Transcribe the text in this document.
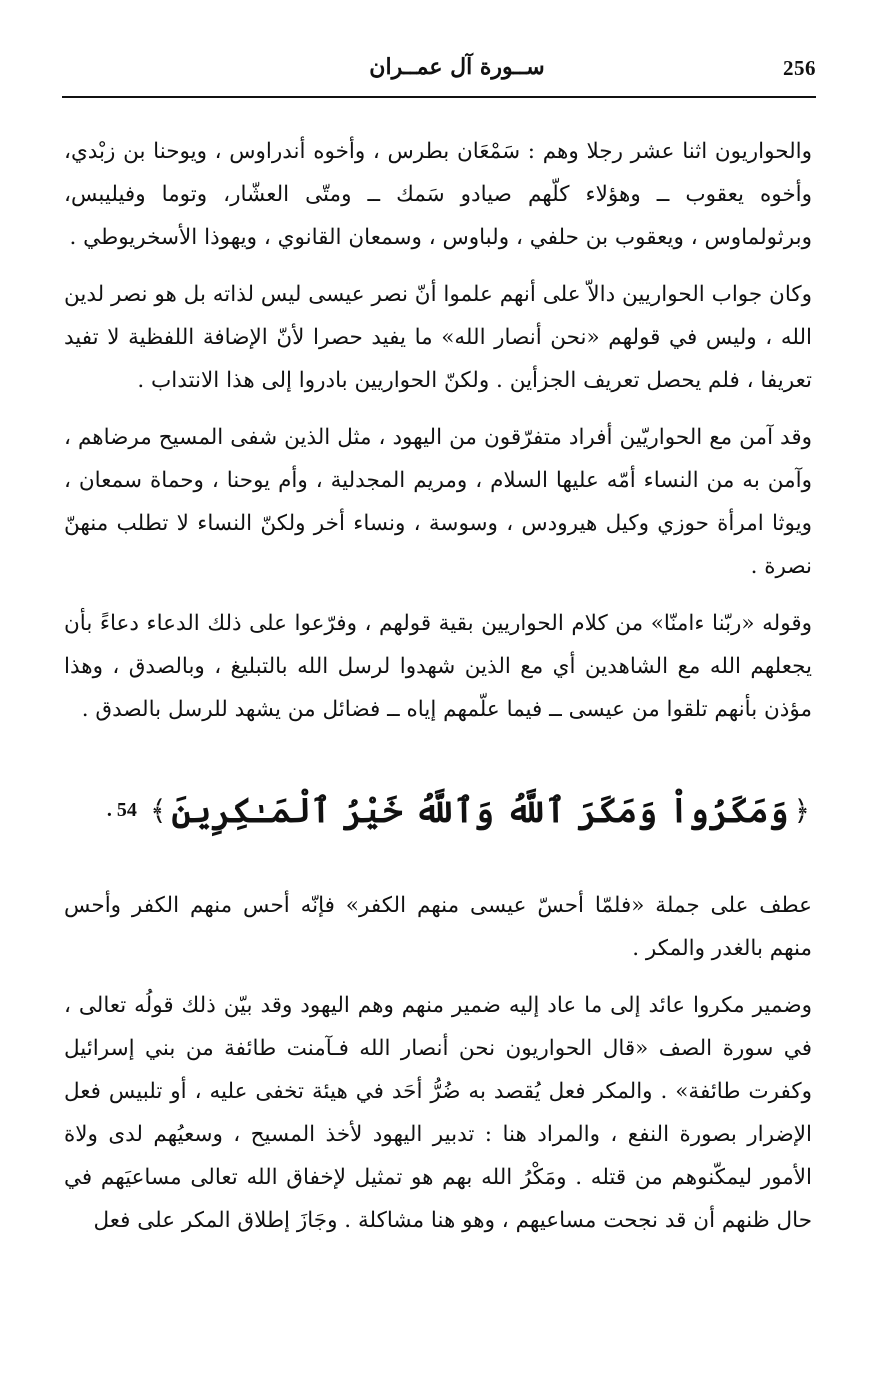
256
ســورة آل عمــران

والحواريون اثنا عشر رجلا وهم : سَمْعَان بطرس ، وأخوه أندراوس ، ويوحنا بن زبْدي، وأخوه يعقوب ــ وهؤلاء كلّهم صيادو سَمك ــ ومتّى العشّار، وتوما وفيليبس، وبرثولماوس ، ويعقوب بن حلفي ، ولباوس ، وسمعان القانوي ، ويهوذا الأسخريوطي .

وكان جواب الحواريين دالاّ على أنهم علموا أنّ نصر عيسى ليس لذاته بل هو نصر لدين الله ، وليس في قولهم «نحن أنصار الله» ما يفيد حصرا لأنّ الإضافة اللفظية لا تفيد تعريفا ، فلم يحصل تعريف الجزأين . ولكنّ الحواريين بادروا إلى هذا الانتداب .

وقد آمن مع الحواريّين أفراد متفرّقون من اليهود ، مثل الذين شفى المسيح مرضاهم ، وآمن به من النساء أمّه عليها السلام ، ومريم المجدلية ، وأم يوحنا ، وحماة سمعان ، ويوثا امرأة حوزي وكيل هيرودس ، وسوسة ، ونساء أخر ولكنّ النساء لا تطلب منهنّ نصرة .

وقوله «ربّنا ءامنّا» من كلام الحواريين بقية قولهم ، وفرّعوا على ذلك الدعاء دعاءً بأن يجعلهم الله مع الشاهدين أي مع الذين شهدوا لرسل الله بالتبليغ ، وبالصدق ، وهذا مؤذن بأنهم تلقوا من عيسى ــ فيما علّمهم إياه ــ فضائل من يشهد للرسل بالصدق .

﴿ وَمَكَرُواْ وَمَكَرَ ٱللَّهُ وَٱللَّهُ خَيْرُ ٱلْمَـٰكِرِينَ ﴾ . 54

عطف على جملة «فلمّا أحسّ عيسى منهم الكفر» فإنّه أحس منهم الكفر وأحس منهم بالغدر والمكر .

وضمير مكروا عائد إلى ما عاد إليه ضمير منهم وهم اليهود وقد بيّن ذلك قولُه تعالى ، في سورة الصف «قال الحواريون نحن أنصار الله فـآمنت طائفة من بني إسرائيل وكفرت طائفة» . والمكر فعل يُقصد به ضُرُّ أحَد في هيئة تخفى عليه ، أو تلبيس فعل الإضرار بصورة النفع ، والمراد هنا : تدبير اليهود لأخذ المسيح ، وسعيُهم لدى ولاة الأمور ليمكّنوهم من قتله . ومَكْرُ الله بهم هو تمثيل لإخفاق الله تعالى مساعيَهم في حال ظنهم أن قد نجحت مساعيهم ، وهو هنا مشاكلة . وجَازَ إطلاق المكر على فعل
